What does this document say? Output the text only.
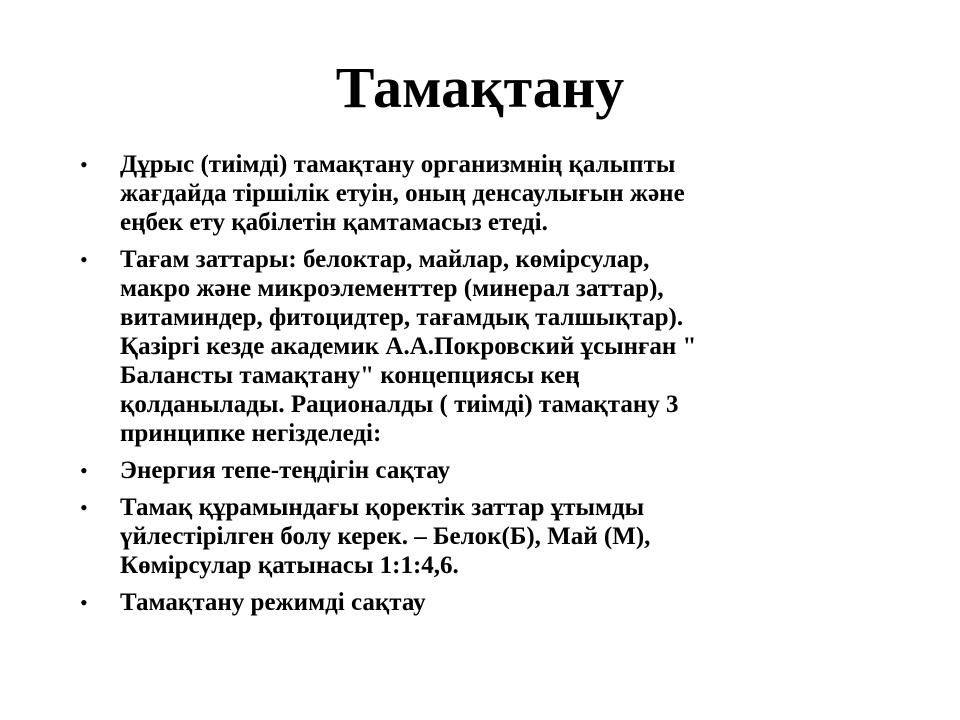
Тамақтану
• Дұрыс (тиімді) тамақтану организмнің қалыпты
жағдайда тіршілік етуін, оның денсаулығын және
еңбек ету қабілетін қамтамасыз етеді.
• Тағам заттары: белоктар, майлар, көмірсулар,
макро және микроэлементтер (минерал заттар),
витаминдер, фитоцидтер, тағамдық талшықтар).
Қазіргі кезде академик А.А.Покровский ұсынған "
Балансты тамақтану" концепциясы кең
қолданылады. Рационалды ( тиімді) тамақтану 3
принципке негізделеді:
• Энергия тепе-теңдігін сақтау
• Тамақ құрамындағы қоректік заттар ұтымды
үйлестірілген болу керек. – Белок(Б), Май (М),
Көмірсулар қатынасы 1:1:4,6.
• Тамақтану режимді сақтау
